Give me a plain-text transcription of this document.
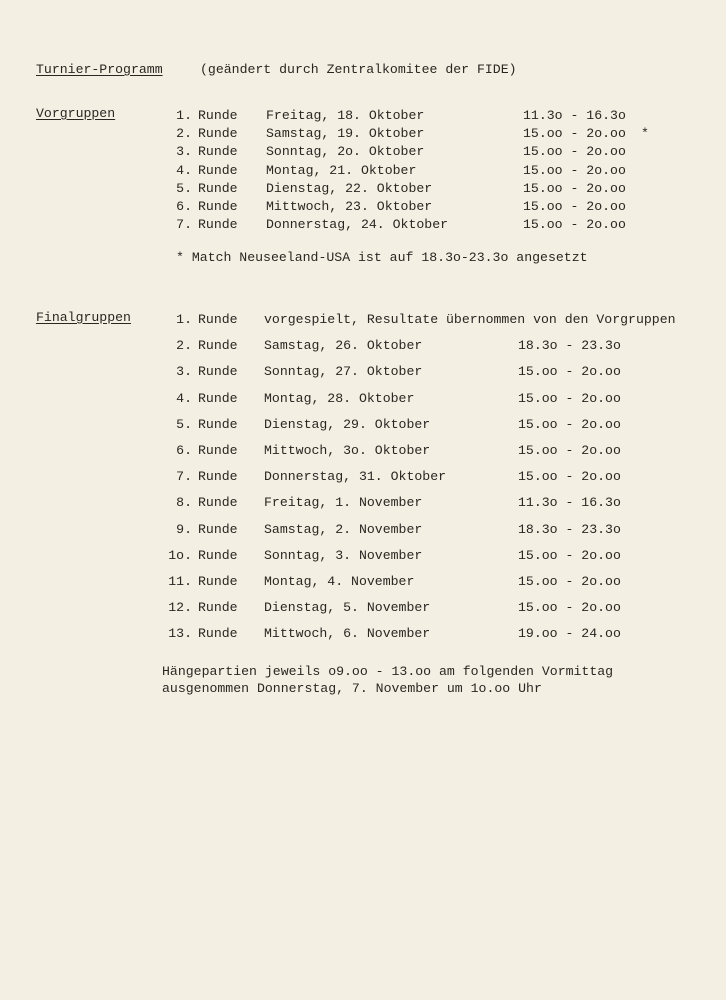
Turnier-Programm	(geändert durch Zentralkomitee der FIDE)
Vorgruppen	1. Runde Freitag, 18. Oktober	11.3o - 16.3o
2. Runde Samstag, 19. Oktober	15.oo - 2o.oo *
3. Runde Sonntag, 2o. Oktober	15.oo - 2o.oo
4. Runde Montag, 21. Oktober	15.oo - 2o.oo
5. Runde Dienstag, 22. Oktober	15.oo - 2o.oo
6. Runde Mittwoch, 23. Oktober	15.oo - 2o.oo
7. Runde Donnerstag, 24. Oktober	15.oo - 2o.oo
* Match Neuseeland-USA ist auf 18.3o-23.3o angesetzt
Finalgruppen	1. Runde vorgespielt, Resultate übernommen von den Vorgruppen
2. Runde Samstag, 26. Oktober	18.3o - 23.3o
3. Runde Sonntag, 27. Oktober	15.oo - 2o.oo
4. Runde Montag, 28. Oktober	15.oo - 2o.oo
5. Runde Dienstag, 29. Oktober	15.oo - 2o.oo
6. Runde Mittwoch, 3o. Oktober	15.oo - 2o.oo
7. Runde Donnerstag, 31. Oktober	15.oo - 2o.oo
8. Runde Freitag, 1. November	11.3o - 16.3o
9. Runde Samstag, 2. November	18.3o - 23.3o
1o. Runde Sonntag, 3. November	15.oo - 2o.oo
11. Runde Montag, 4. November	15.oo - 2o.oo
12. Runde Dienstag, 5. November	15.oo - 2o.oo
13. Runde Mittwoch, 6. November	19.oo - 24.oo
Hängepartien jeweils o9.oo - 13.oo am folgenden Vormittag
ausgenommen Donnerstag, 7. November um 1o.oo Uhr
